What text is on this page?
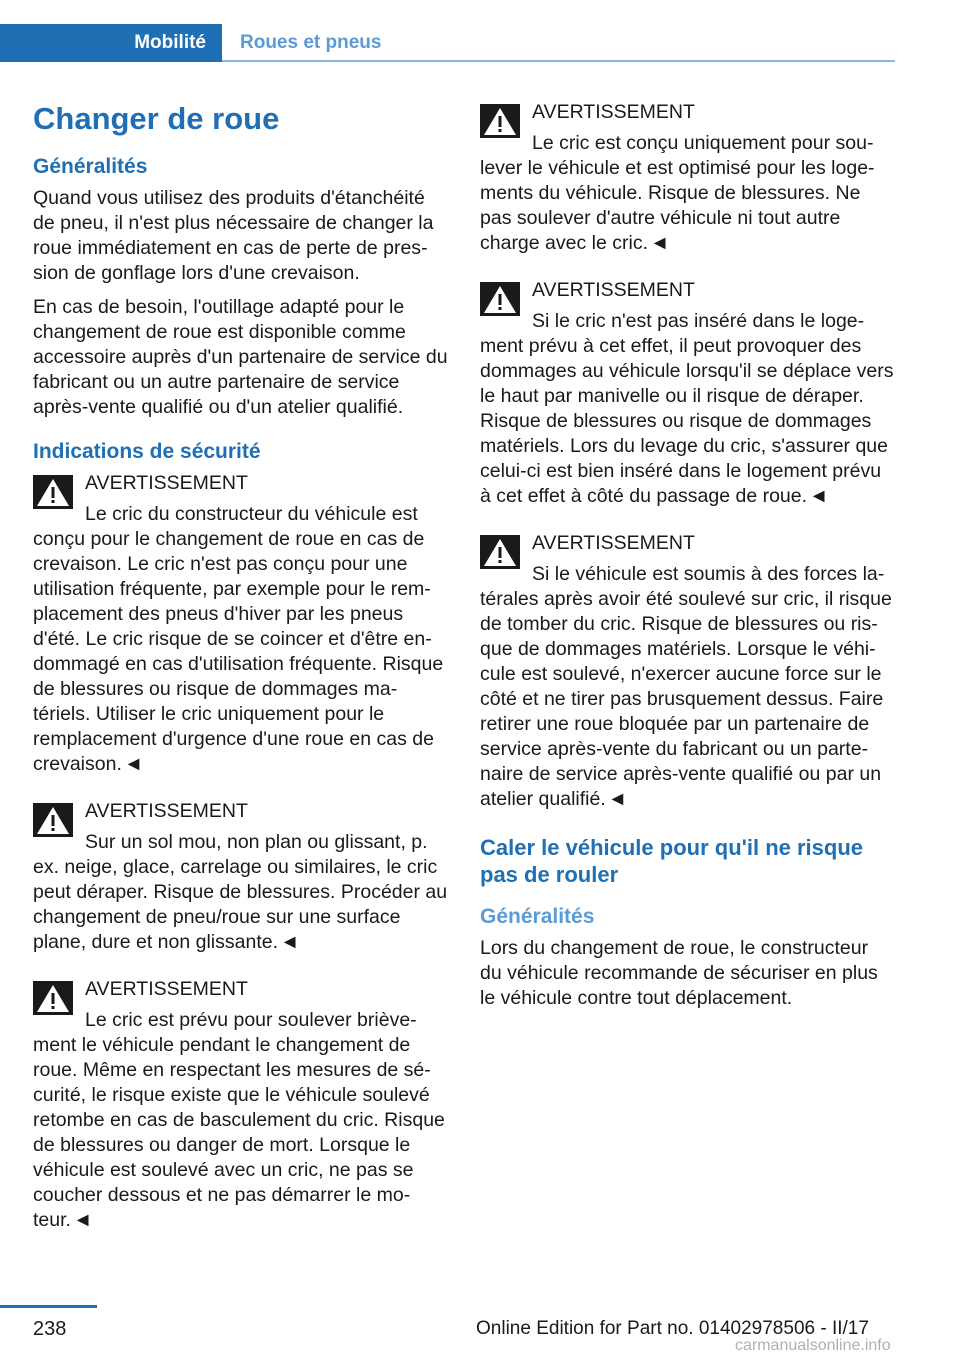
Mobilité	Roues et pneus
Changer de roue
Généralités

Quand vous utilisez des produits d'étanchéité de pneu, il n'est plus nécessaire de changer la roue immédiatement en cas de perte de pression de gonflage lors d'une crevaison.

En cas de besoin, l'outillage adapté pour le changement de roue est disponible comme accessoire auprès d'un partenaire de service du fabricant ou un autre partenaire de service après-vente qualifié ou d'un atelier qualifié.

Indications de sécurité
AVERTISSEMENT
Le cric du constructeur du véhicule est conçu pour le changement de roue en cas de crevaison. Le cric n'est pas conçu pour une utilisation fréquente, par exemple pour le remplacement des pneus d'hiver par les pneus d'été. Le cric risque de se coincer et d'être endommagé en cas d'utilisation fréquente. Risque de blessures ou risque de dommages matériels. Utiliser le cric uniquement pour le remplacement d'urgence d'une roue en cas de crevaison. ◄
AVERTISSEMENT
Sur un sol mou, non plan ou glissant, p. ex. neige, glace, carrelage ou similaires, le cric peut déraper. Risque de blessures. Procéder au changement de pneu/roue sur une surface plane, dure et non glissante. ◄
AVERTISSEMENT
Le cric est prévu pour soulever brièvement le véhicule pendant le changement de roue. Même en respectant les mesures de sécurité, le risque existe que le véhicule soulevé retombe en cas de basculement du cric. Risque de blessures ou danger de mort. Lorsque le véhicule est soulevé avec un cric, ne pas se coucher dessous et ne pas démarrer le moteur. ◄
AVERTISSEMENT
Le cric est conçu uniquement pour soulever le véhicule et est optimisé pour les logements du véhicule. Risque de blessures. Ne pas soulever d'autre véhicule ni tout autre charge avec le cric. ◄
AVERTISSEMENT
Si le cric n'est pas inséré dans le logement prévu à cet effet, il peut provoquer des dommages au véhicule lorsqu'il se déplace vers le haut par manivelle ou il risque de déraper. Risque de blessures ou risque de dommages matériels. Lors du levage du cric, s'assurer que celui-ci est bien inséré dans le logement prévu à cet effet à côté du passage de roue. ◄
AVERTISSEMENT
Si le véhicule est soumis à des forces latérales après avoir été soulevé sur cric, il risque de tomber du cric. Risque de blessures ou risque de dommages matériels. Lorsque le véhicule est soulevé, n'exercer aucune force sur le côté et ne tirer pas brusquement dessus. Faire retirer une roue bloquée par un partenaire de service après-vente du fabricant ou un partenaire de service après-vente qualifié ou par un atelier qualifié. ◄
Caler le véhicule pour qu'il ne risque pas de rouler
Généralités

Lors du changement de roue, le constructeur du véhicule recommande de sécuriser en plus le véhicule contre tout déplacement.

238	Online Edition for Part no. 01402978506 - II/17
carmanualsonline.info
